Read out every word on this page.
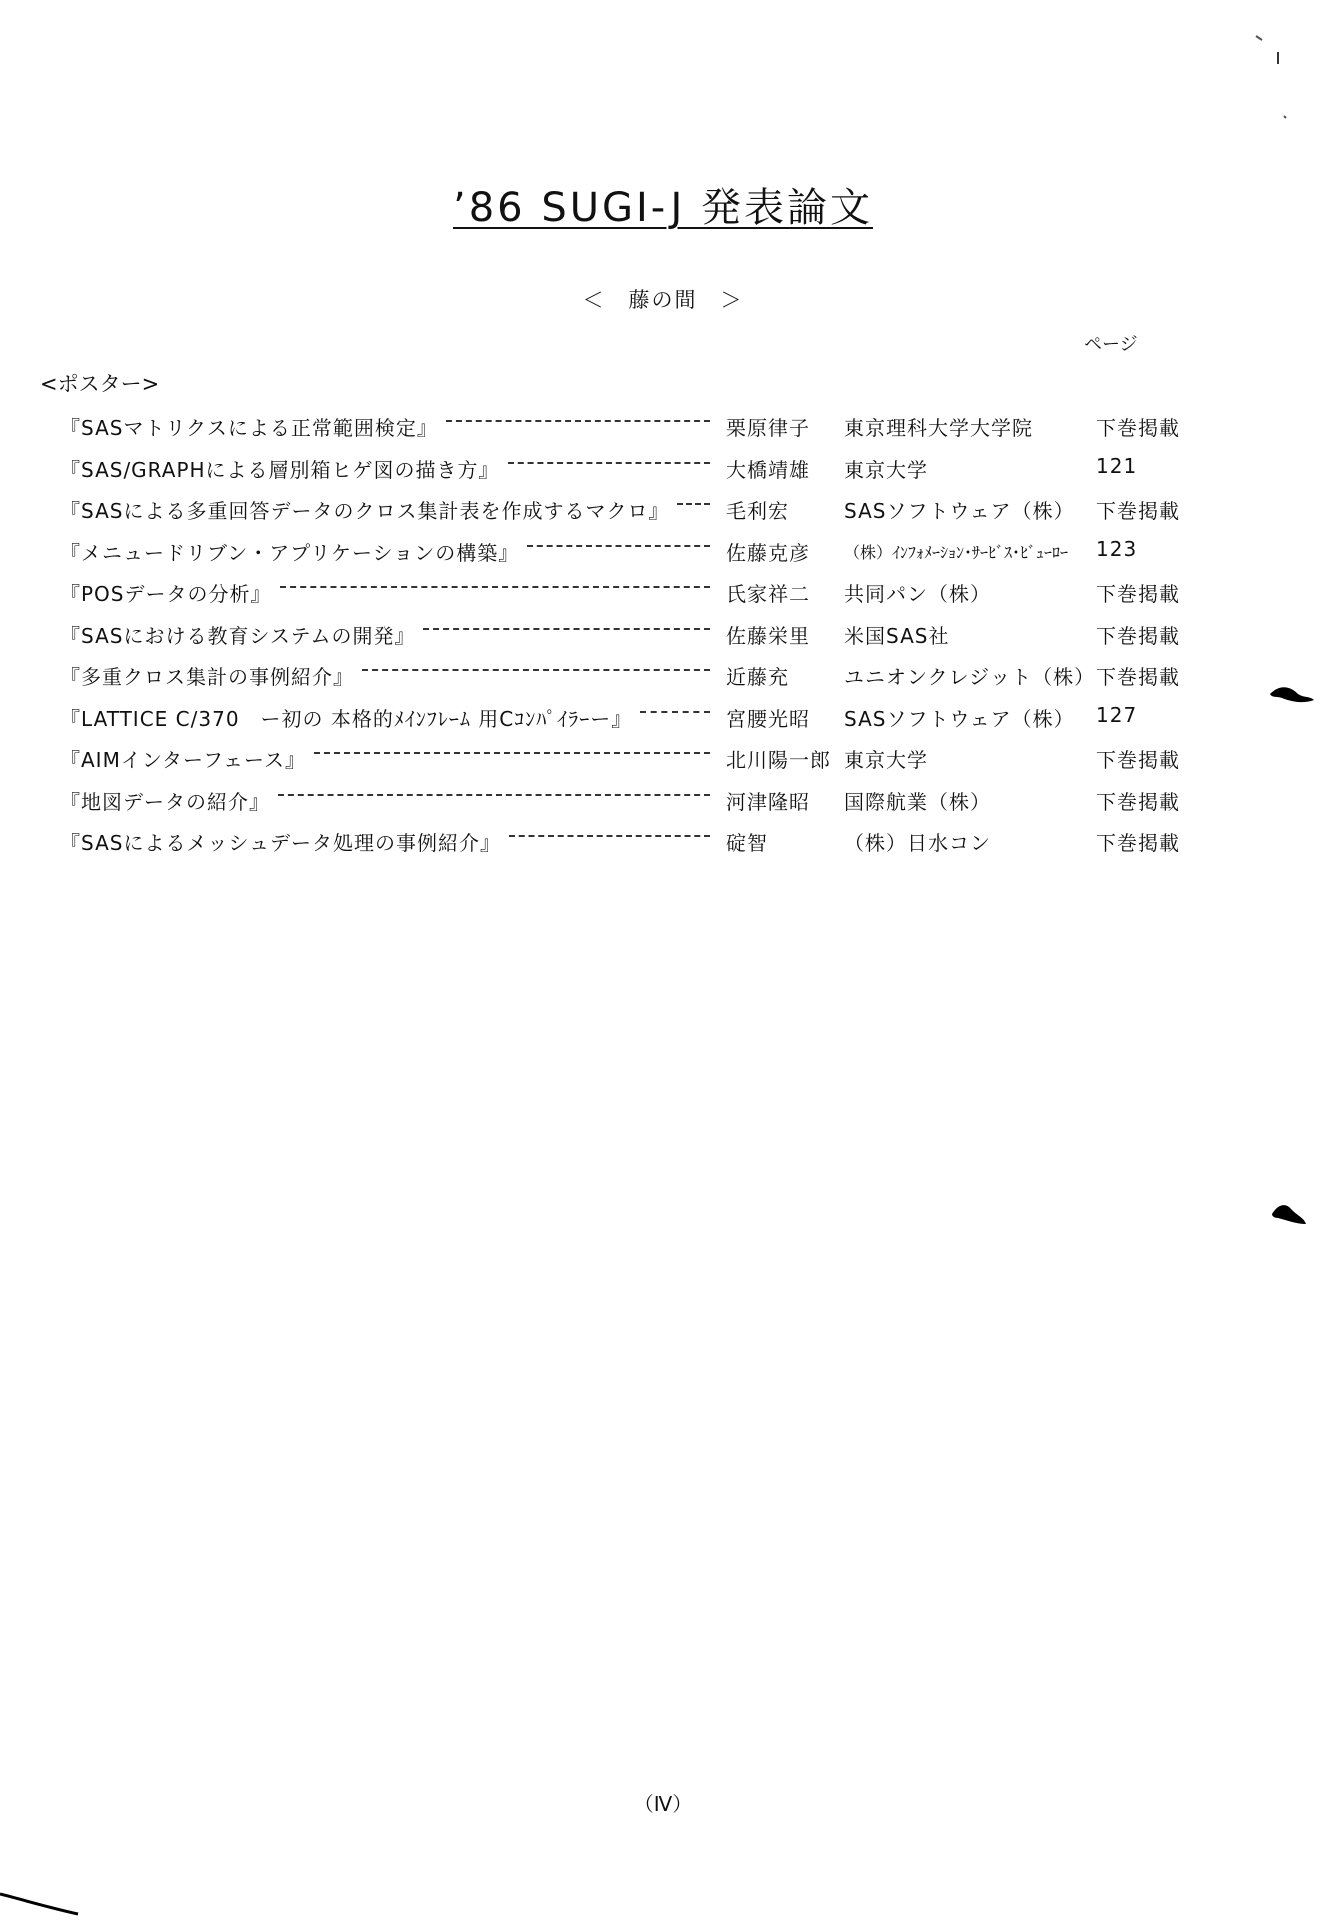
’86 SUGI-J 発表論文
＜　藤の間　＞
ページ
<ポスター>
『SASマトリクスによる正常範囲検定』	栗原律子 東京理科大学大学院	下巻掲載
『SAS/GRAPHによる層別箱ヒゲ図の描き方』	大橋靖雄 東京大学	121
『SASによる多重回答データのクロス集計表を作成するマクロ』	毛利宏	SASソフトウェア（株） 下巻掲載
『メニュードリブン・アプリケーションの構築』	佐藤克彦 （株）ｲﾝﾌｫﾒｰｼｮﾝ･ｻｰﾋﾞｽ･ﾋﾞｭｰﾛｰ 123
『POSデータの分析』	氏家祥二 共同パン（株）	下巻掲載
『SASにおける教育システムの開発』	佐藤栄里 米国SAS社	下巻掲載
『多重クロス集計の事例紹介』	近藤充	ユニオンクレジット（株） 下巻掲載
『LATTICE C/370　ー初の 本格的ﾒｲﾝﾌﾚｰﾑ 用Cｺﾝﾊﾟｲﾗｰー』	宮腰光昭 SASソフトウェア（株） 127
『AIMインターフェース』	北川陽一郎 東京大学	下巻掲載
『地図データの紹介』	河津隆昭 国際航業（株）	下巻掲載
『SASによるメッシュデータ処理の事例紹介』	碇智	（株）日水コン	下巻掲載
（Ⅳ）
